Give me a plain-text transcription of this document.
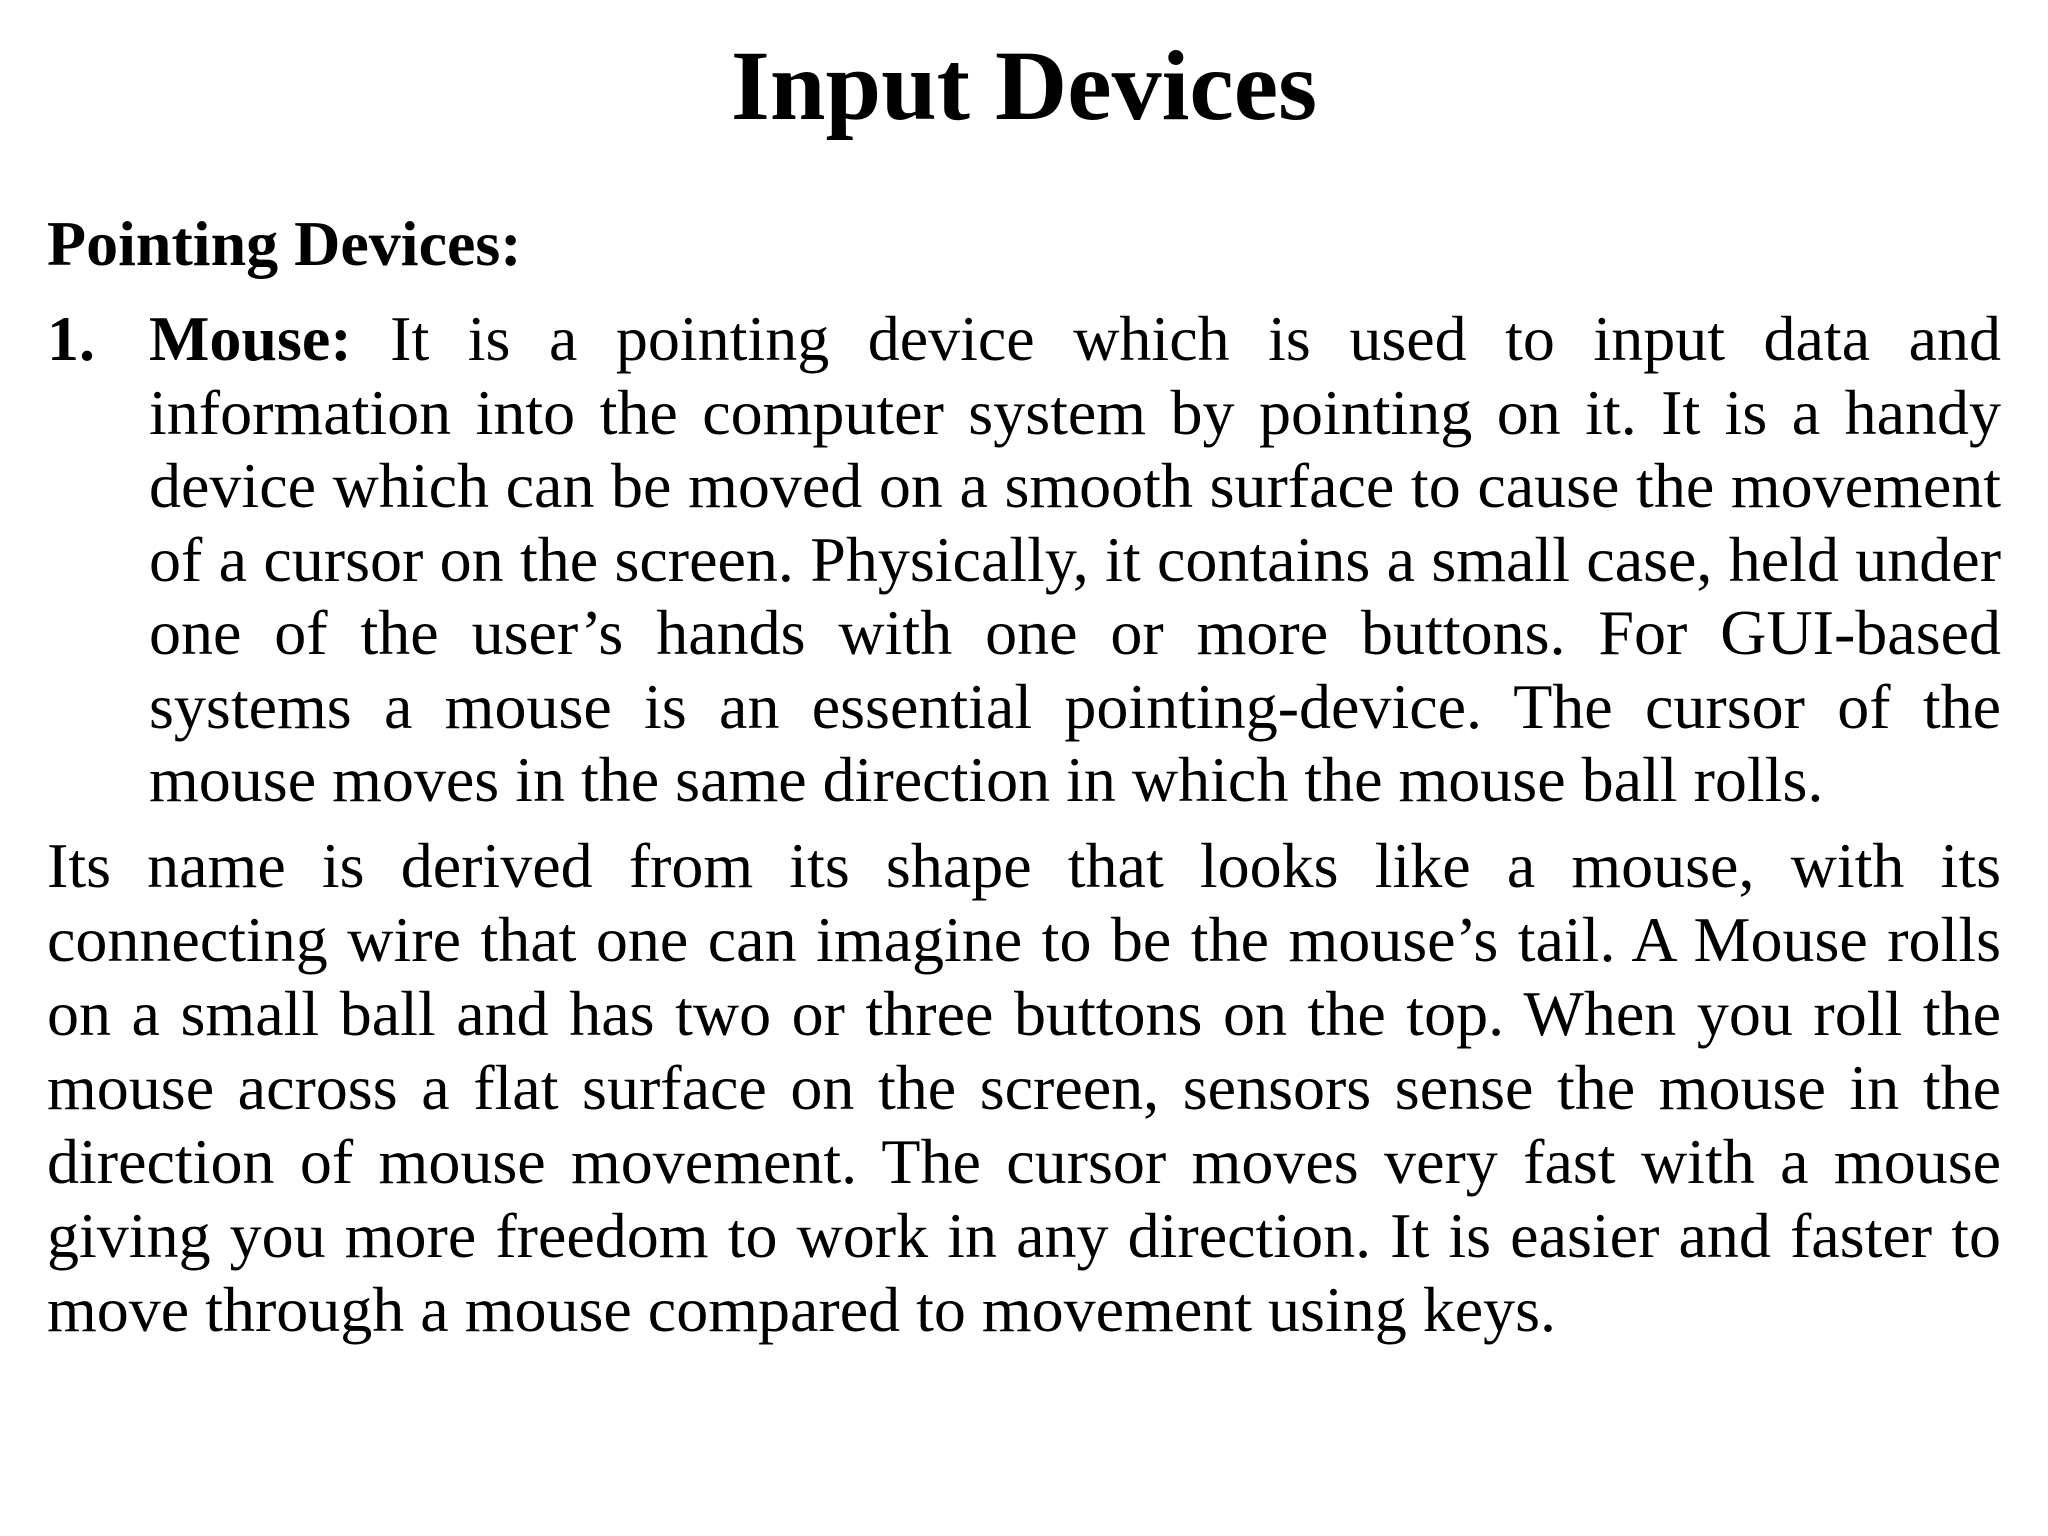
Input Devices
Pointing Devices:
1. Mouse: It is a pointing device which is used to input data and information into the computer system by pointing on it. It is a handy device which can be moved on a smooth surface to cause the movement of a cursor on the screen. Physically, it contains a small case, held under one of the user’s hands with one or more buttons. For GUI-based systems a mouse is an essential pointing-device. The cursor of the mouse moves in the same direction in which the mouse ball rolls.

Its name is derived from its shape that looks like a mouse, with its connecting wire that one can imagine to be the mouse’s tail. A Mouse rolls on a small ball and has two or three buttons on the top. When you roll the mouse across a flat surface on the screen, sensors sense the mouse in the direction of mouse movement. The cursor moves very fast with a mouse giving you more freedom to work in any direction. It is easier and faster to move through a mouse compared to movement using keys.
